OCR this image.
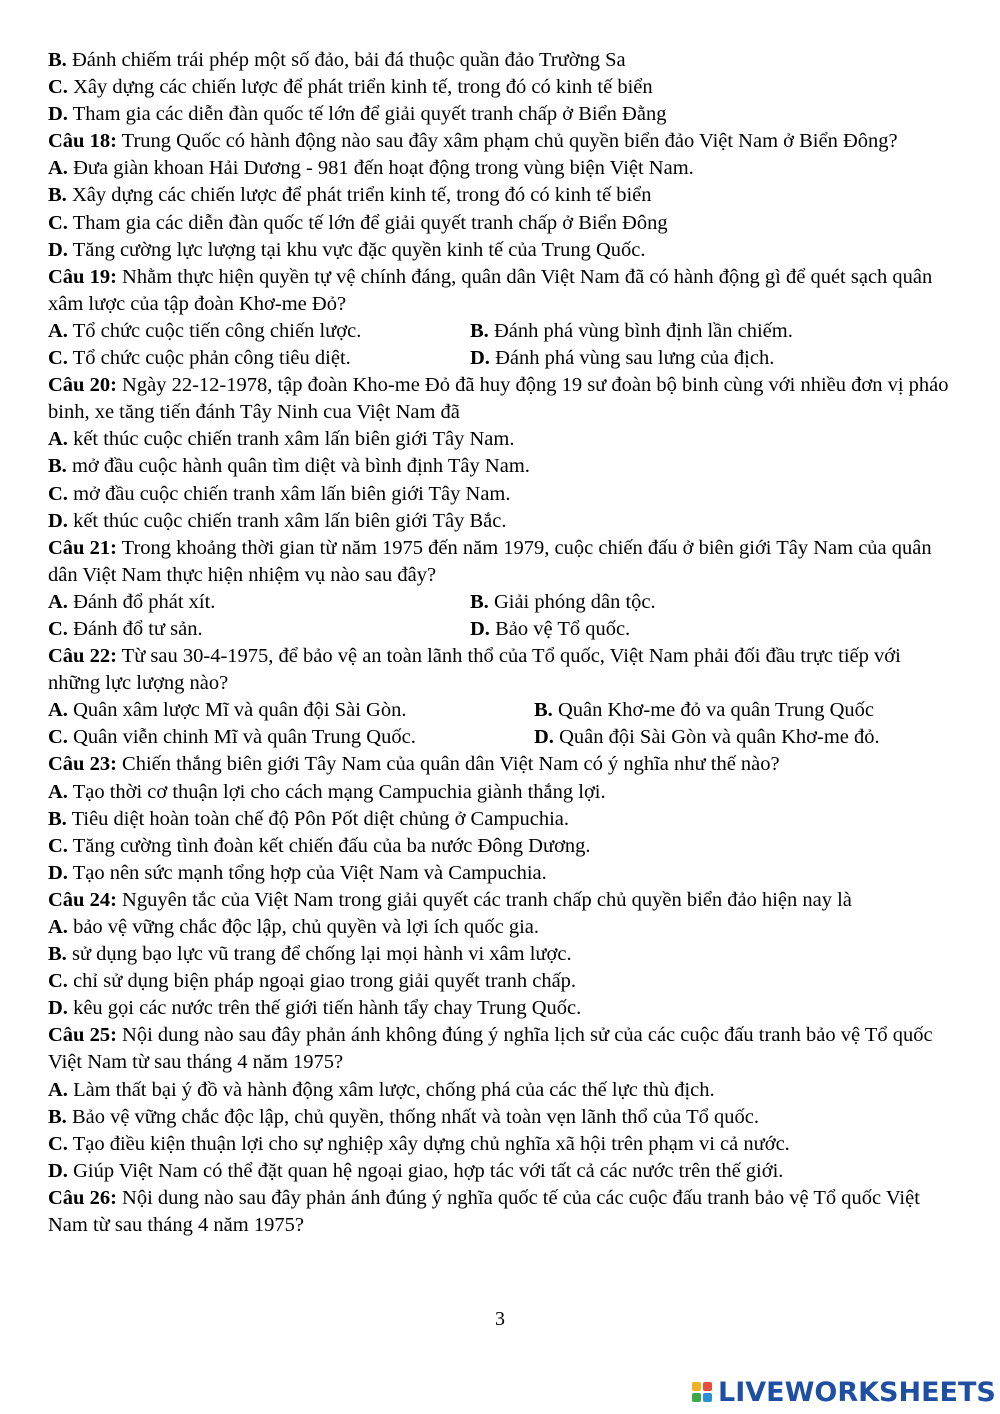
B. Đánh chiếm trái phép một số đảo, bải đá thuộc quần đảo Trường Sa
C. Xây dựng các chiến lược để phát triển kinh tế, trong đó có kinh tế biển
D. Tham gia các diễn đàn quốc tế lớn để giải quyết tranh chấp ở Biển Đằng
Câu 18: Trung Quốc có hành động nào sau đây xâm phạm chủ quyền biển đảo Việt Nam ở Biển Đông?
A. Đưa giàn khoan Hải Dương - 981 đến hoạt động trong vùng biện Việt Nam.
B. Xây dựng các chiến lược để phát triển kinh tế, trong đó có kinh tế biển
C. Tham gia các diễn đàn quốc tế lớn để giải quyết tranh chấp ở Biển Đông
D. Tăng cường lực lượng tại khu vực đặc quyền kinh tế của Trung Quốc.
Câu 19: Nhằm thực hiện quyền tự vệ chính đáng, quân dân Việt Nam đã có hành động gì để quét sạch quân xâm lược của tập đoàn Khơ-me Đỏ?
A. Tổ chức cuộc tiến công chiến lược.	B. Đánh phá vùng bình định lần chiếm.
C. Tổ chức cuộc phản công tiêu diệt.	D. Đánh phá vùng sau lưng của địch.
Câu 20: Ngày 22-12-1978, tập đoàn Kho-me Đỏ đã huy động 19 sư đoàn bộ binh cùng với nhiều đơn vị pháo binh, xe tăng tiến đánh Tây Ninh cua Việt Nam đã
A. kết thúc cuộc chiến tranh xâm lấn biên giới Tây Nam.
B. mở đầu cuộc hành quân tìm diệt và bình định Tây Nam.
C. mở đầu cuộc chiến tranh xâm lấn biên giới Tây Nam.
D. kết thúc cuộc chiến tranh xâm lấn biên giới Tây Bắc.
Câu 21: Trong khoảng thời gian từ năm 1975 đến năm 1979, cuộc chiến đấu ở biên giới Tây Nam của quân dân Việt Nam thực hiện nhiệm vụ nào sau đây?
A. Đánh đổ phát xít.	B. Giải phóng dân tộc.
C. Đánh đổ tư sản.	D. Bảo vệ Tổ quốc.
Câu 22: Từ sau 30-4-1975, để bảo vệ an toàn lãnh thổ của Tổ quốc, Việt Nam phải đối đầu trực tiếp với những lực lượng nào?
A. Quân xâm lược Mĩ và quân đội Sài Gòn.	B. Quân Khơ-me đỏ va quân Trung Quốc
C. Quân viễn chinh Mĩ và quân Trung Quốc.	D. Quân đội Sài Gòn và quân Khơ-me đỏ.
Câu 23: Chiến thắng biên giới Tây Nam của quân dân Việt Nam có ý nghĩa như thế nào?
A. Tạo thời cơ thuận lợi cho cách mạng Campuchia giành thắng lợi.
B. Tiêu diệt hoàn toàn chế độ Pôn Pốt diệt chủng ở Campuchia.
C. Tăng cường tình đoàn kết chiến đấu của ba nước Đông Dương.
D. Tạo nên sức mạnh tổng hợp của Việt Nam và Campuchia.
Câu 24: Nguyên tắc của Việt Nam trong giải quyết các tranh chấp chủ quyền biển đảo hiện nay là
A. bảo vệ vững chắc độc lập, chủ quyền và lợi ích quốc gia.
B. sử dụng bạo lực vũ trang để chống lại mọi hành vi xâm lược.
C. chỉ sử dụng biện pháp ngoại giao trong giải quyết tranh chấp.
D. kêu gọi các nước trên thế giới tiến hành tẩy chay Trung Quốc.
Câu 25: Nội dung nào sau đây phản ánh không đúng ý nghĩa lịch sử của các cuộc đấu tranh bảo vệ Tổ quốc Việt Nam từ sau tháng 4 năm 1975?
A. Làm thất bại ý đồ và hành động xâm lược, chống phá của các thế lực thù địch.
B. Bảo vệ vững chắc độc lập, chủ quyền, thống nhất và toàn vẹn lãnh thổ của Tổ quốc.
C. Tạo điều kiện thuận lợi cho sự nghiệp xây dựng chủ nghĩa xã hội trên phạm vi cả nước.
D. Giúp Việt Nam có thể đặt quan hệ ngoại giao, hợp tác với tất cả các nước trên thế giới.
Câu 26: Nội dung nào sau đây phản ánh đúng ý nghĩa quốc tế của các cuộc đấu tranh bảo vệ Tổ quốc Việt Nam từ sau tháng 4 năm 1975?
3
LIVEWORKSHEETS
